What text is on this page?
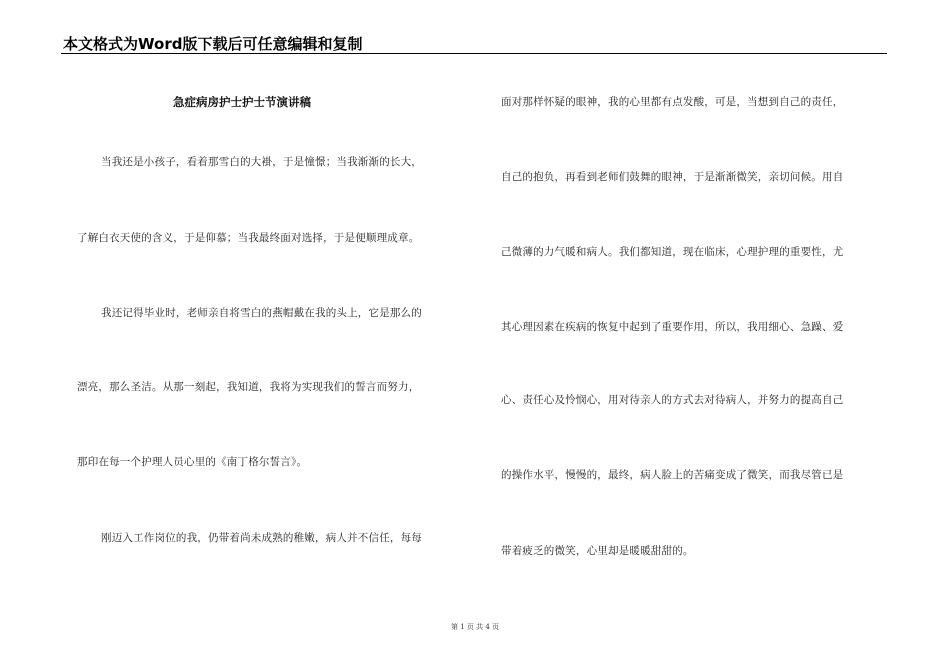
本文格式为Word版下载后可任意编辑和复制
急症病房护士护士节演讲稿
当我还是小孩子，看着那雪白的大褂，于是憧憬；当我渐渐的长大，
了解白衣天使的含义，于是仰慕；当我最终面对选择，于是便顺理成章。
我还记得毕业时，老师亲自将雪白的燕帽戴在我的头上，它是那么的
漂亮，那么圣洁。从那一刻起，我知道，我将为实现我们的誓言而努力，
那印在每一个护理人员心里的《南丁格尔誓言》。
刚迈入工作岗位的我，仍带着尚未成熟的稚嫩，病人并不信任，每每
面对那样怀疑的眼神，我的心里都有点发酸，可是，当想到自己的责任，
自己的抱负，再看到老师们鼓舞的眼神，于是渐渐微笑，亲切问候。用自
己微薄的力气暖和病人。我们都知道，现在临床，心理护理的重要性，尤
其心理因素在疾病的恢复中起到了重要作用，所以，我用细心、急躁、爱
心、责任心及怜悯心，用对待亲人的方式去对待病人，并努力的提高自己
的操作水平，慢慢的，最终，病人脸上的苦痛变成了微笑，而我尽管已是
带着疲乏的微笑，心里却是暖暖甜甜的。
第 1 页 共 4 页
